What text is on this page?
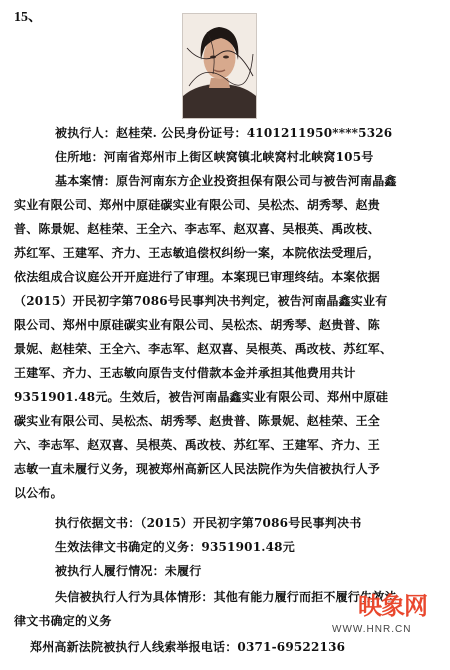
15、
被执行人：赵桂荣. 公民身份证号：4101211950****5326
住所地：河南省郑州市上街区峡窝镇北峡窝村北峡窝105号
基本案情：原告河南东方企业投资担保有限公司与被告河南晶鑫
实业有限公司、郑州中原硅碳实业有限公司、吴松杰、胡秀琴、赵贵
普、陈景妮、赵桂荣、王全六、李志军、赵双喜、吴根英、禹改枝、
苏红军、王建军、齐力、王志敏追偿权纠纷一案，本院依法受理后，
依法组成合议庭公开开庭进行了审理。本案现已审理终结。本案依据
（2015）开民初字第7086号民事判决书判定，被告河南晶鑫实业有
限公司、郑州中原硅碳实业有限公司、吴松杰、胡秀琴、赵贵普、陈
景妮、赵桂荣、王全六、李志军、赵双喜、吴根英、禹改枝、苏红军、
王建军、齐力、王志敏向原告支付借款本金并承担其他费用共计
9351901.48元。生效后，被告河南晶鑫实业有限公司、郑州中原硅
碳实业有限公司、吴松杰、胡秀琴、赵贵普、陈景妮、赵桂荣、王全
六、李志军、赵双喜、吴根英、禹改枝、苏红军、王建军、齐力、王
志敏一直未履行义务，现被郑州高新区人民法院作为失信被执行人予
以公布。
执行依据文书：（2015）开民初字第7086号民事判决书
生效法律文书确定的义务：9351901.48元
被执行人履行情况：未履行
失信被执行人行为具体情形：其他有能力履行而拒不履行生效法
律文书确定的义务
郑州高新法院被执行人线索举报电话：0371-69522136
映象网
WWW.HNR.CN
